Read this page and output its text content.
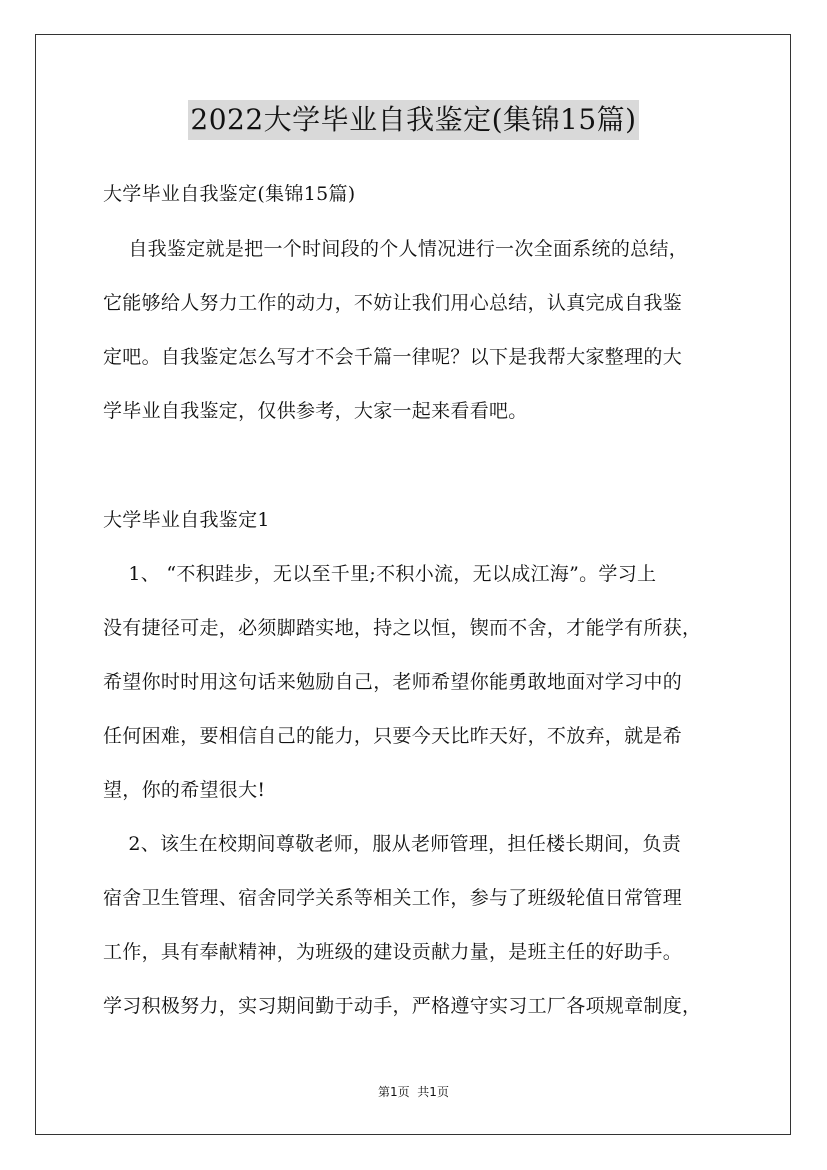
2022大学毕业自我鉴定(集锦15篇)
大学毕业自我鉴定(集锦15篇)
自我鉴定就是把一个时间段的个人情况进行一次全面系统的总结，
它能够给人努力工作的动力，不妨让我们用心总结，认真完成自我鉴
定吧。自我鉴定怎么写才不会千篇一律呢？以下是我帮大家整理的大
学毕业自我鉴定，仅供参考，大家一起来看看吧。
大学毕业自我鉴定1
1、 “不积跬步，无以至千里;不积小流，无以成江海”。学习上
没有捷径可走，必须脚踏实地，持之以恒，锲而不舍，才能学有所获，
希望你时时用这句话来勉励自己，老师希望你能勇敢地面对学习中的
任何困难，要相信自己的能力，只要今天比昨天好，不放弃，就是希
望，你的希望很大!
2、该生在校期间尊敬老师，服从老师管理，担任楼长期间，负责
宿舍卫生管理、宿舍同学关系等相关工作，参与了班级轮值日常管理
工作，具有奉献精神，为班级的建设贡献力量，是班主任的好助手。
学习积极努力，实习期间勤于动手，严格遵守实习工厂各项规章制度，
第1页  共1页
